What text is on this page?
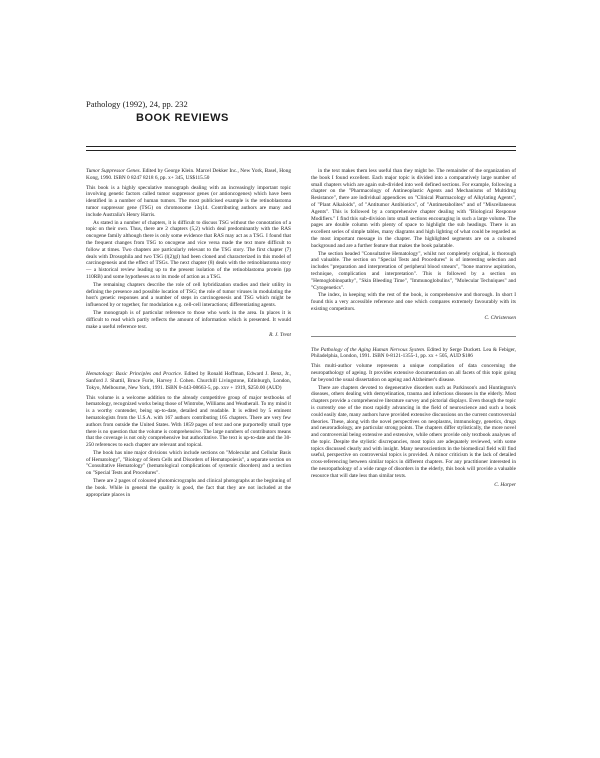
Pathology (1992), 24, pp. 232
BOOK REVIEWS

Tumor Suppressor Genes. Edited by George Klein. Marcel Dekker Inc., New York, Basel, Hong Kong, 1990. ISBN 0 8247 8218 6, pp. x+ 345, US$115.50

This book is a highly speculative monograph dealing with an increasingly important topic involving genetic factors called tumor suppressor genes (or antioncogenes) which have been identified in a number of human tumors. The most publicised example is the retinoblastoma tumor suppressor gene (TSG) on chromosome 13q14. Contributing authors are many and include Australia's Henry Harris.

As stated in a number of chapters, it is difficult to discuss TSG without the connotation of a topic on their own. Thus, there are 2 chapters (5,2) which deal predominantly with the RAS oncogene family although there is only some evidence that RAS may act as a TSG. I found that the frequent changes from TSG to oncogene and vice versa made the text more difficult to follow at times. Two chapters are particularly relevant to the TSG story. The first chapter (7) deals with Drosophila and two TSG (l(2)gl) had been cloned and characterized in this model of carcinogenesis and the effect of TSGs. The next chapter (8) deals with the retinoblastoma story — a historical review leading up to the present isolation of the retinoblastoma protein (pp 110RB) and some hypotheses as to its mode of action as a TSG.

The remaining chapters describe the role of cell hybridization studies and their utility in defining the presence and possible location of TSG; the role of tumor viruses in modulating the host's genetic responses and a number of steps in carcinogenesis and TSG which might be influenced by or together, for modulation e.g. cell-cell interactions; differentiating agents.

The monograph is of particular reference to those who work in the area. In places it is difficult to read which partly reflects the amount of information which is presented. It would make a useful reference text.

R. J. Trent

Hematology: Basic Principles and Practice. Edited by Ronald Hoffman, Edward J. Benz, Jr., Sanford J. Shattil, Bruce Furie, Harvey J. Cohen. Churchill Livingstone, Edinburgh, London, Tokyo, Melbourne, New York, 1991. ISBN 0-443-08663-5, pp. xxv + 1919, $250.00 (AUD)

This volume is a welcome addition to the already competitive group of major textbooks of hematology, recognized works being those of Wintrobe, Williams and Weatherall. To my mind it is a worthy contender, being up-to-date, detailed and readable. It is edited by 5 eminent hematologists from the U.S.A. with 167 authors contributing 165 chapters. There are very few authors from outside the United States. With 1859 pages of text and one purportedly small type there is no question that the volume is comprehensive. The large numbers of contributors means that the coverage is not only comprehensive but authoritative. The text is up-to-date and the 30-250 references to each chapter are relevant and topical.

The book has nine major divisions which include sections on "Molecular and Cellular Basis of Hematology", "Biology of Stem Cells and Disorders of Hematopoiesis", a separate section on "Consultative Hematology" (hematological complications of systemic disorders) and a section on "Special Tests and Procedures".

There are 2 pages of coloured photomicrographs and clinical photographs at the beginning of the book. While in general the quality is good, the fact that they are not included at the appropriate places in

in the text makes them less useful than they might be. The remainder of the organization of the book I found excellent. Each major topic is divided into a comparatively large number of small chapters which are again sub-divided into well defined sections. For example, following a chapter on the "Pharmacology of Antineoplastic Agents and Mechanisms of Multidrug Resistance", there are individual appendices on "Clinical Pharmacology of Alkylating Agents", of "Plant Alkaloids", of "Antitumor Antibiotics", of "Antimetabolites" and of "Miscellaneous Agents". This is followed by a comprehensive chapter dealing with "Biological Response Modifiers." I find this sub-division into small sections encouraging in such a large volume. The pages are double column with plenty of space to highlight the sub headings. There is an excellent series of simple tables, many diagrams and high lighting of what could be regarded as the most important message in the chapter. The highlighted segments are on a coloured background and are a further feature that makes the book palatable.

The section headed "Consultative Hematology", whilst not completely original, is thorough and valuable. The section on "Special Tests and Procedures" is of interesting selection and includes "preparation and interpretation of peripheral blood smears", "bone marrow aspiration, technique, complication and interpretation". This is followed by a section on "Hemoglobinopathy", "Skin Bleeding Time", "Immunoglobulins", "Molecular Techniques" and "Cytogenetics".

The index, in keeping with the rest of the book, is comprehensive and thorough. In short I found this a very accessible reference and one which compares extremely favourably with its existing competitors.

C. Christensen

The Pathology of the Aging Human Nervous System. Edited by Serge Duckett. Lea & Febiger, Philadelphia, London, 1991. ISBN 0-8121-1355-1, pp. xx + 505, AUD $186

This multi-author volume represents a unique compilation of data concerning the neuropathology of ageing. It provides extensive documentation on all facets of this topic going far beyond the usual dissertation on ageing and Alzheimer's disease.

There are chapters devoted to degenerative disorders such as Parkinson's and Huntington's diseases, others dealing with demyelination, trauma and infectious diseases in the elderly. Most chapters provide a comprehensive literature survey and pictorial displays. Even though the topic is currently one of the most rapidly advancing in the field of neuroscience and such a book could easily date, many authors have provided extensive discussions on the current controversial theories. These, along with the novel perspectives on neoplasms, immunology, genetics, drugs and neuroradiology, are particular strong points. The chapters differ stylistically, the more novel and controversial being extensive and extensive, while others provide only textbook analyses of the topic. Despite the stylistic discrepancies, most topics are adequately reviewed, with some topics discussed clearly and with insight. Many neuroscientists in the biomedical field will find useful, perspective on controversial topics is provided. A minor criticism is the lack of detailed cross-referencing between similar topics in different chapters. For any practitioner interested in the neuropathology of a wide range of disorders in the elderly, this book will provide a valuable resource that will date less than similar texts.

C. Harper
